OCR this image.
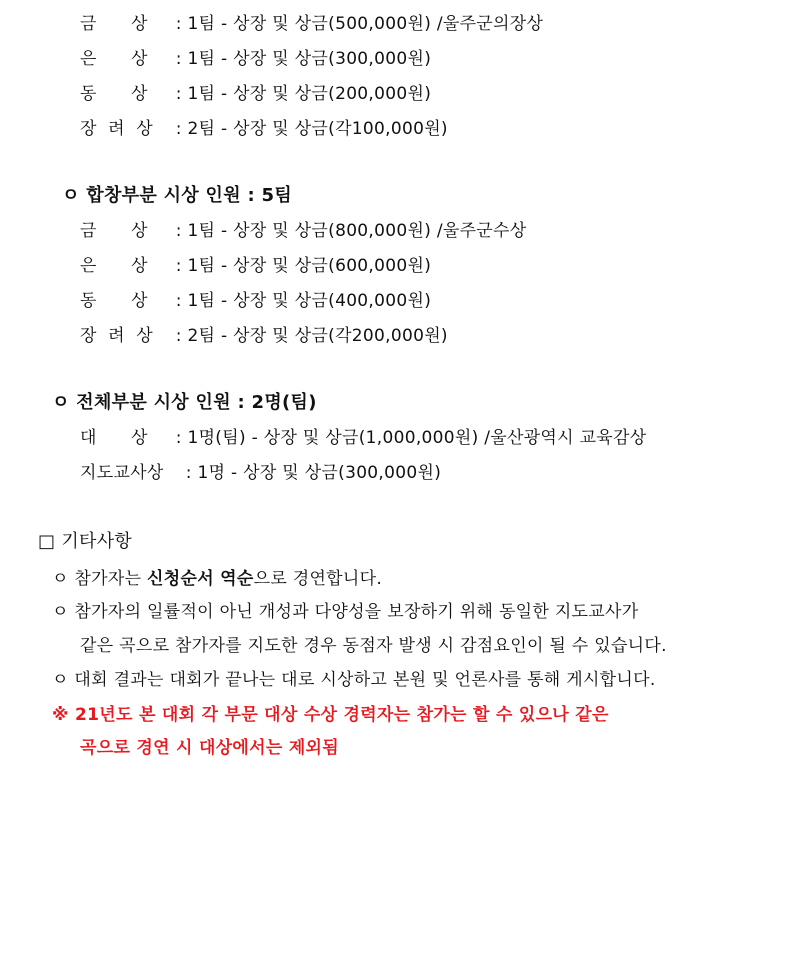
금      상 : 1팀 - 상장 및 상금(500,000원) /울주군의장상
은      상 : 1팀 - 상장 및 상금(300,000원)
동      상 : 1팀 - 상장 및 상금(200,000원)
장  려  상 : 2팀 - 상장 및 상금(각100,000원)
ㅇ 합창부분 시상 인원 : 5팀
금      상 : 1팀 - 상장 및 상금(800,000원) /울주군수상
은      상 : 1팀 - 상장 및 상금(600,000원)
동      상 : 1팀 - 상장 및 상금(400,000원)
장  려  상 : 2팀 - 상장 및 상금(각200,000원)
ㅇ 전체부분 시상 인원 : 2명(팀)
대      상 : 1명(팀) - 상장 및 상금(1,000,000원) /울산광역시 교육감상
지도교사상 : 1명 - 상장 및 상금(300,000원)
□ 기타사항
ㅇ 참가자는 신청순서 역순으로 경연합니다.
ㅇ 참가자의 일률적이 아닌 개성과 다양성을 보장하기 위해 동일한 지도교사가
같은 곡으로 참가자를 지도한 경우 동점자 발생 시 감점요인이 될 수 있습니다.
ㅇ 대회 결과는 대회가 끝나는 대로 시상하고 본원 및 언론사를 통해 게시합니다.
※ 21년도 본 대회 각 부문 대상 수상 경력자는 참가는 할 수 있으나 같은
곡으로 경연 시 대상에서는 제외됨
